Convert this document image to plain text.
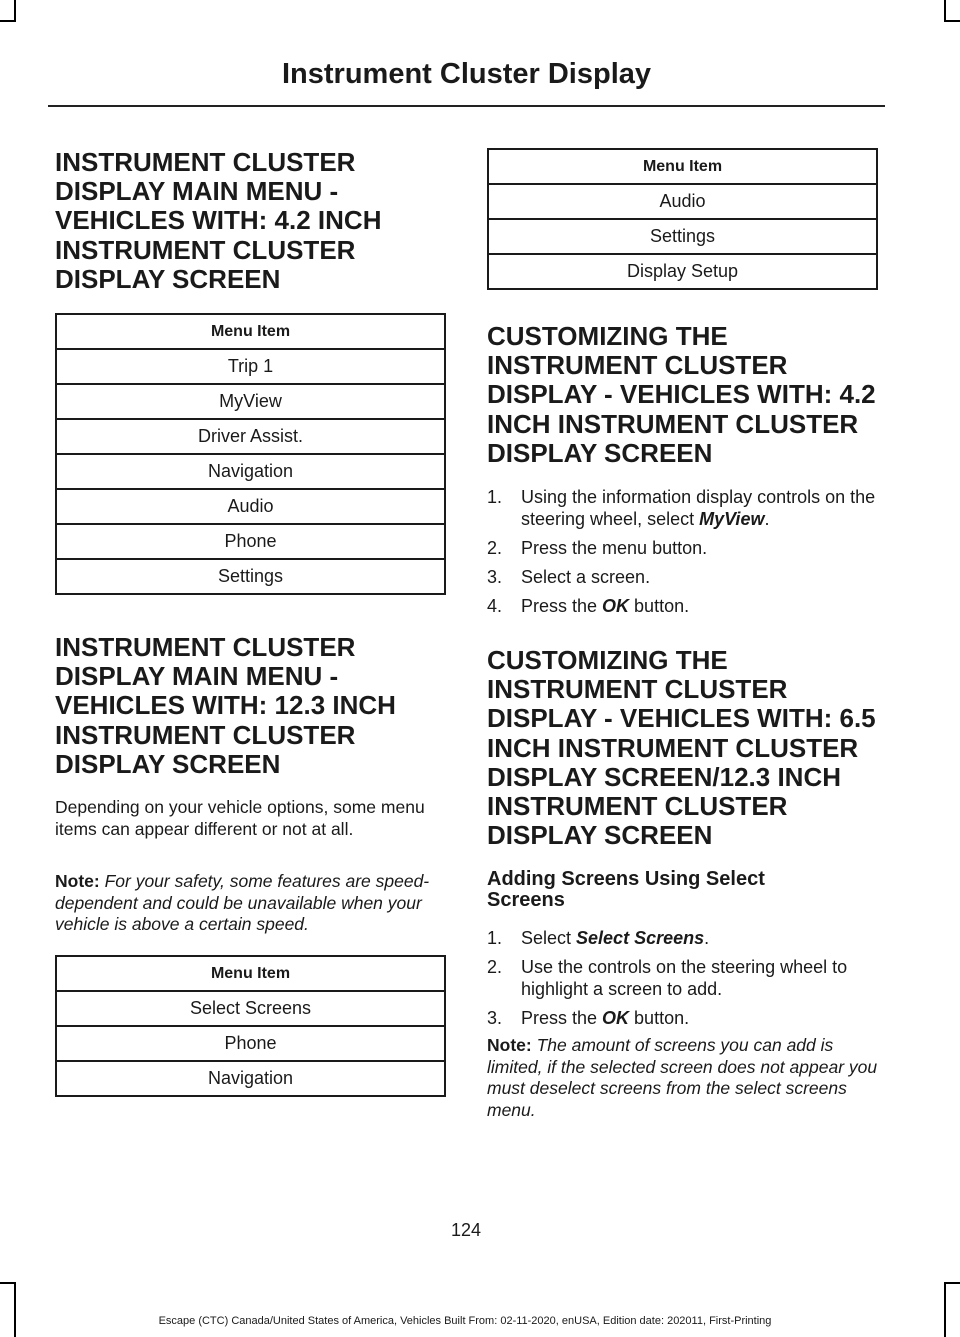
Instrument Cluster Display
INSTRUMENT CLUSTER
DISPLAY MAIN MENU -
VEHICLES WITH: 4.2 INCH
INSTRUMENT CLUSTER
DISPLAY SCREEN
Menu Item
Trip 1
MyView
Driver Assist.
Navigation
Audio
Phone
Settings
INSTRUMENT CLUSTER
DISPLAY MAIN MENU -
VEHICLES WITH: 12.3 INCH
INSTRUMENT CLUSTER
DISPLAY SCREEN
Depending on your vehicle options, some menu items can appear different or not at all.
Note: For your safety, some features are speed-dependent and could be unavailable when your vehicle is above a certain speed.
Menu Item
Select Screens
Phone
Navigation
Menu Item
Audio
Settings
Display Setup
CUSTOMIZING THE
INSTRUMENT CLUSTER
DISPLAY - VEHICLES WITH: 4.2
INCH INSTRUMENT CLUSTER
DISPLAY SCREEN
1. Using the information display controls on the steering wheel, select MyView.
2. Press the menu button.
3. Select a screen.
4. Press the OK button.
CUSTOMIZING THE
INSTRUMENT CLUSTER
DISPLAY - VEHICLES WITH: 6.5
INCH INSTRUMENT CLUSTER
DISPLAY SCREEN/12.3 INCH
INSTRUMENT CLUSTER
DISPLAY SCREEN
Adding Screens Using Select
Screens
1. Select Select Screens.
2. Use the controls on the steering wheel to highlight a screen to add.
3. Press the OK button.
Note: The amount of screens you can add is limited, if the selected screen does not appear you must deselect screens from the select screens menu.
124
Escape (CTC) Canada/United States of America, Vehicles Built From: 02-11-2020, enUSA, Edition date: 202011, First-Printing
